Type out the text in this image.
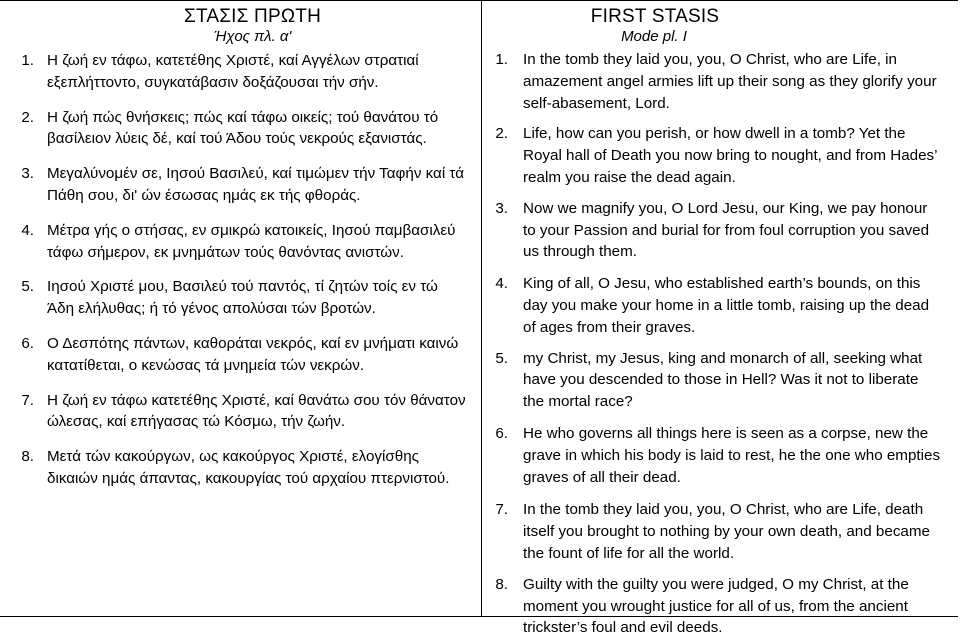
ΣΤΑΣΙΣ ΠΡΩΤΗ
Ήχος πλ. α'
1. Η ζωή εν τάφω, κατετέθης Χριστέ, καί Αγγέλων στρατιαί εξεπλήττοντο, συγκατάβασιν δοξάζουσαι τήν σήν.
2. Η ζωή πώς θνήσκεις; πώς καί τάφω οικείς; τού θανάτου τό βασίλειον λύεις δέ, καί τού Άδου τούς νεκρούς εξανιστάς.
3. Μεγαλύνομέν σε, Ιησού Βασιλεύ, καί τιμώμεν τήν Ταφήν καί τά Πάθη σου, δι' ών έσωσας ημάς εκ τής φθοράς.
4. Μέτρα γής ο στήσας, εν σμικρώ κατοικείς, Ιησού παμβασιλεύ τάφω σήμερον, εκ μνημάτων τούς θανόντας ανιστών.
5. Ιησού Χριστέ μου, Βασιλεύ τού παντός, τί ζητών τοίς εν τώ Άδη ελήλυθας; ή τό γένος απολύσαι τών βροτών.
6. Ο Δεσπότης πάντων, καθοράται νεκρός, καί εν μνήματι καινώ κατατίθεται, ο κενώσας τά μνημεία τών νεκρών.
7. Η ζωή εν τάφω κατετέθης Χριστέ, καί θανάτω σου τόν θάνατον ώλεσας, καί επήγασας τώ Κόσμω, τήν ζωήν.
8. Μετά τών κακούργων, ως κακούργος Χριστέ, ελογίσθης δικαιών ημάς άπαντας, κακουργίας τού αρχαίου πτερνιστού.
FIRST STASIS
Mode pl. I
1. In the tomb they laid you, you, O Christ, who are Life, in amazement angel armies lift up their song as they glorify your self-abasement, Lord.
2. Life, how can you perish, or how dwell in a tomb? Yet the Royal hall of Death you now bring to nought, and from Hades’ realm you raise the dead again.
3. Now we magnify you, O Lord Jesu, our King, we pay honour to your Passion and burial for from foul corruption you saved us through them.
4. King of all, O Jesu, who established earth’s bounds, on this day you make your home in a little tomb, raising up the dead of ages from their graves.
5. my Christ, my Jesus, king and monarch of all, seeking what have you descended to those in Hell? Was it not to liberate the mortal race?
6. He who governs all things here is seen as a corpse, new the grave in which his body is laid to rest, he the one who empties graves of all their dead.
7. In the tomb they laid you, you, O Christ, who are Life, death itself you brought to nothing by your own death, and became the fount of life for all the world.
8. Guilty with the guilty you were judged, O my Christ, at the moment you wrought justice for all of us, from the ancient trickster’s foul and evil deeds.
